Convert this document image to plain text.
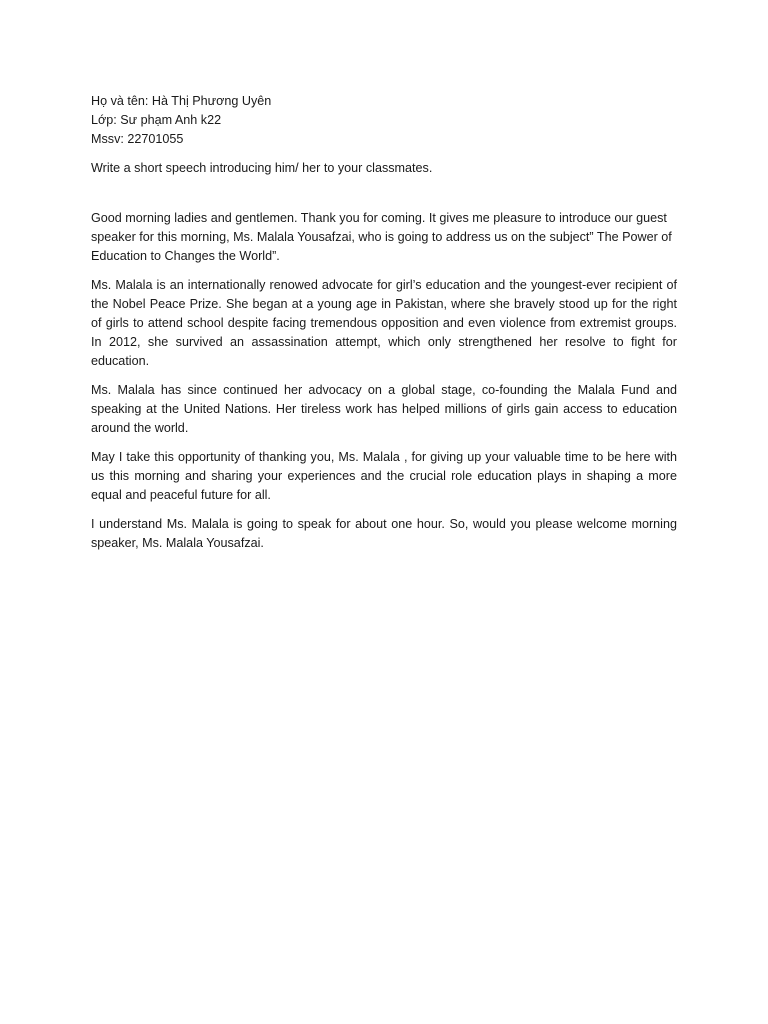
Họ và tên: Hà Thị Phương Uyên

Lớp: Sư phạm Anh k22

Mssv: 22701055

Write a short speech introducing him/ her to your classmates.

Good morning ladies and gentlemen. Thank you for coming. It gives me pleasure to introduce our guest speaker for this morning, Ms. Malala Yousafzai, who is going to address us on the subject” The Power of Education to Changes the World”.

Ms. Malala is an internationally renowed advocate for girl’s education and the youngest-ever recipient of the Nobel Peace Prize. She began at a young age in Pakistan, where she bravely stood up for the right of girls to attend school despite facing tremendous opposition and even violence from extremist groups. In 2012, she survived an assassination attempt, which only strengthened her resolve to fight for education.

Ms. Malala has since continued her advocacy on a global stage, co-founding the Malala Fund and speaking at the United Nations. Her tireless work has helped millions of girls gain access to education around the world.

May I take this opportunity of thanking you, Ms. Malala , for giving up your valuable time to be here with us this morning and sharing your experiences and the crucial role education plays in shaping a more equal and peaceful future for all.

I understand Ms. Malala is going to speak for about one hour. So, would you please welcome morning speaker, Ms. Malala Yousafzai.
